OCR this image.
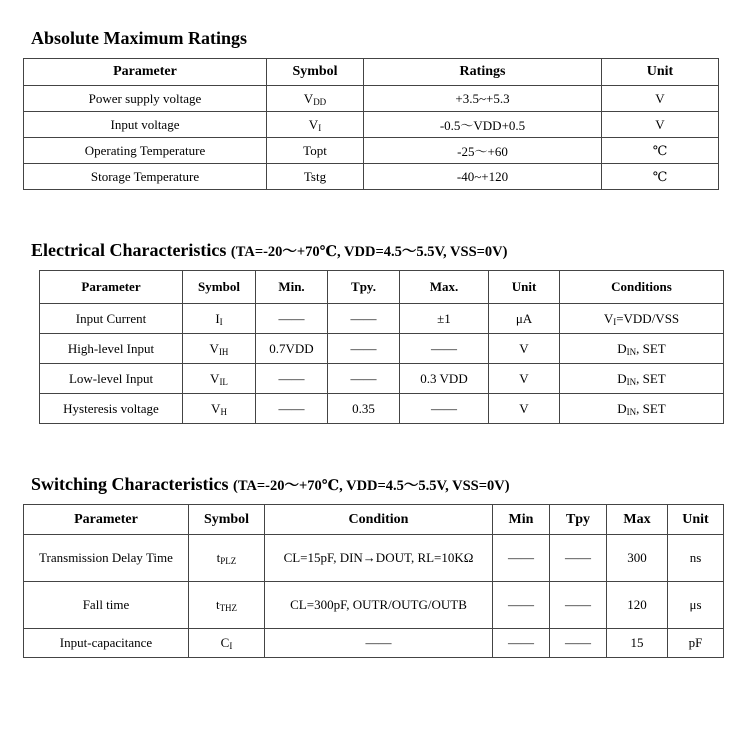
Absolute Maximum Ratings
Parameter	Symbol	Ratings	Unit
Power supply voltage	$V_{DD}$	+3.5~+5.3	V
Input voltage	$V_I$	-0.5～VDD+0.5	V
Operating Temperature	Topt	-25～+60	℃
Storage Temperature	Tstg	-40~+120	℃
Electrical Characteristics (TA=-20～+70℃, VDD=4.5～5.5V, VSS=0V)
Parameter	Symbol	Min.	Tpy.	Max.	Unit	Conditions
Input Current	$I_I$	——	——	±1	μA	$V_I=VDD$/VSS
High-level Input	$V_{IH}$	0.7VDD	——	——	V	$D_{IN}$, SET
Low-level Input	$V_{IL}$	——	——	0.3 VDD	V	$D_{IN}$, SET
Hysteresis voltage	$V_H$	——	0.35	——	V	$D_{IN}$, SET
Switching Characteristics (TA=-20～+70℃, VDD=4.5～5.5V, VSS=0V)
Parameter	Symbol	Condition	Min	Tpy	Max	Unit
Transmission Delay Time	$t_{PLZ}$	CL=15pF, DIN→DOUT, RL=10KΩ	——	——	300	ns
Fall time	$t_{THZ}$	CL=300pF, OUTR/OUTG/OUTB	——	——	120	μs
Input-capacitance	$C_I$	——	——	——	15	pF
